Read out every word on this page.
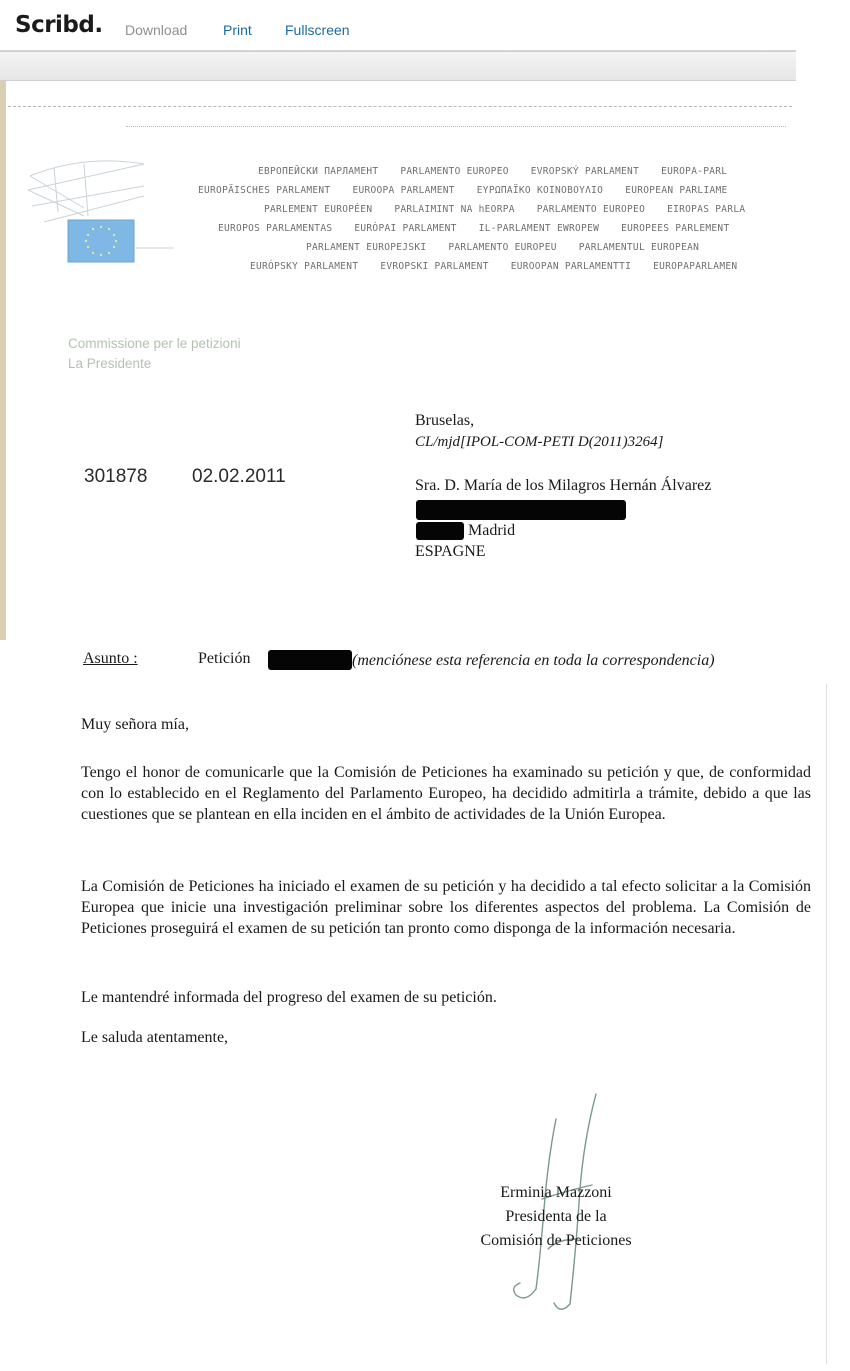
Scribd. Download	Print Fullscreen
ЕВРОПЕЙСКИ ПАРЛАМЕНТ PARLAMENTO EUROPEO EVROPSKÝ PARLAMENT EUROPA-PARL
EUROPÄISCHES PARLAMENT EUROOPA PARLAMENT ΕΥΡΩΠΑΪΚΟ ΚΟΙΝΟΒΟΥΛΙΟ EUROPEAN PARLIAME
PARLEMENT EUROPÉEN PARLAIMINT NA hEORPA PARLAMENTO EUROPEO EIROPAS PARLA
EUROPOS PARLAMENTAS EURÓPAI PARLAMENT IL-PARLAMENT EWROPEW EUROPEES PARLEMENT
PARLAMENT EUROPEJSKI PARLAMENTO EUROPEU PARLAMENTUL EUROPEAN
EURÓPSKY PARLAMENT EVROPSKI PARLAMENT EUROOPAN PARLAMENTTI EUROPAPARLAMEN
Commissione per le petizioni
La Presidente
Bruselas,
CL/mjd[IPOL-COM-PETI D(2011)3264]
301878 02.02.2011	Sra. D. María de los Milagros Hernán Álvarez
Madrid
ESPAGNE
Asunto :	Petición	(menciónese esta referencia en toda la correspondencia)
Muy señora mía,
Tengo el honor de comunicarle que la Comisión de Peticiones ha examinado su petición y que, de conformidad con lo establecido en el Reglamento del Parlamento Europeo, ha decidido admitirla a trámite, debido a que las cuestiones que se plantean en ella inciden en el ámbito de actividades de la Unión Europea.
La Comisión de Peticiones ha iniciado el examen de su petición y ha decidido a tal efecto solicitar a la Comisión Europea que inicie una investigación preliminar sobre los diferentes aspectos del problema. La Comisión de Peticiones proseguirá el examen de su petición tan pronto como disponga de la información necesaria.
Le mantendré informada del progreso del examen de su petición.
Le saluda atentamente,
Erminia Mazzoni
Presidenta de la
Comisión de Peticiones
